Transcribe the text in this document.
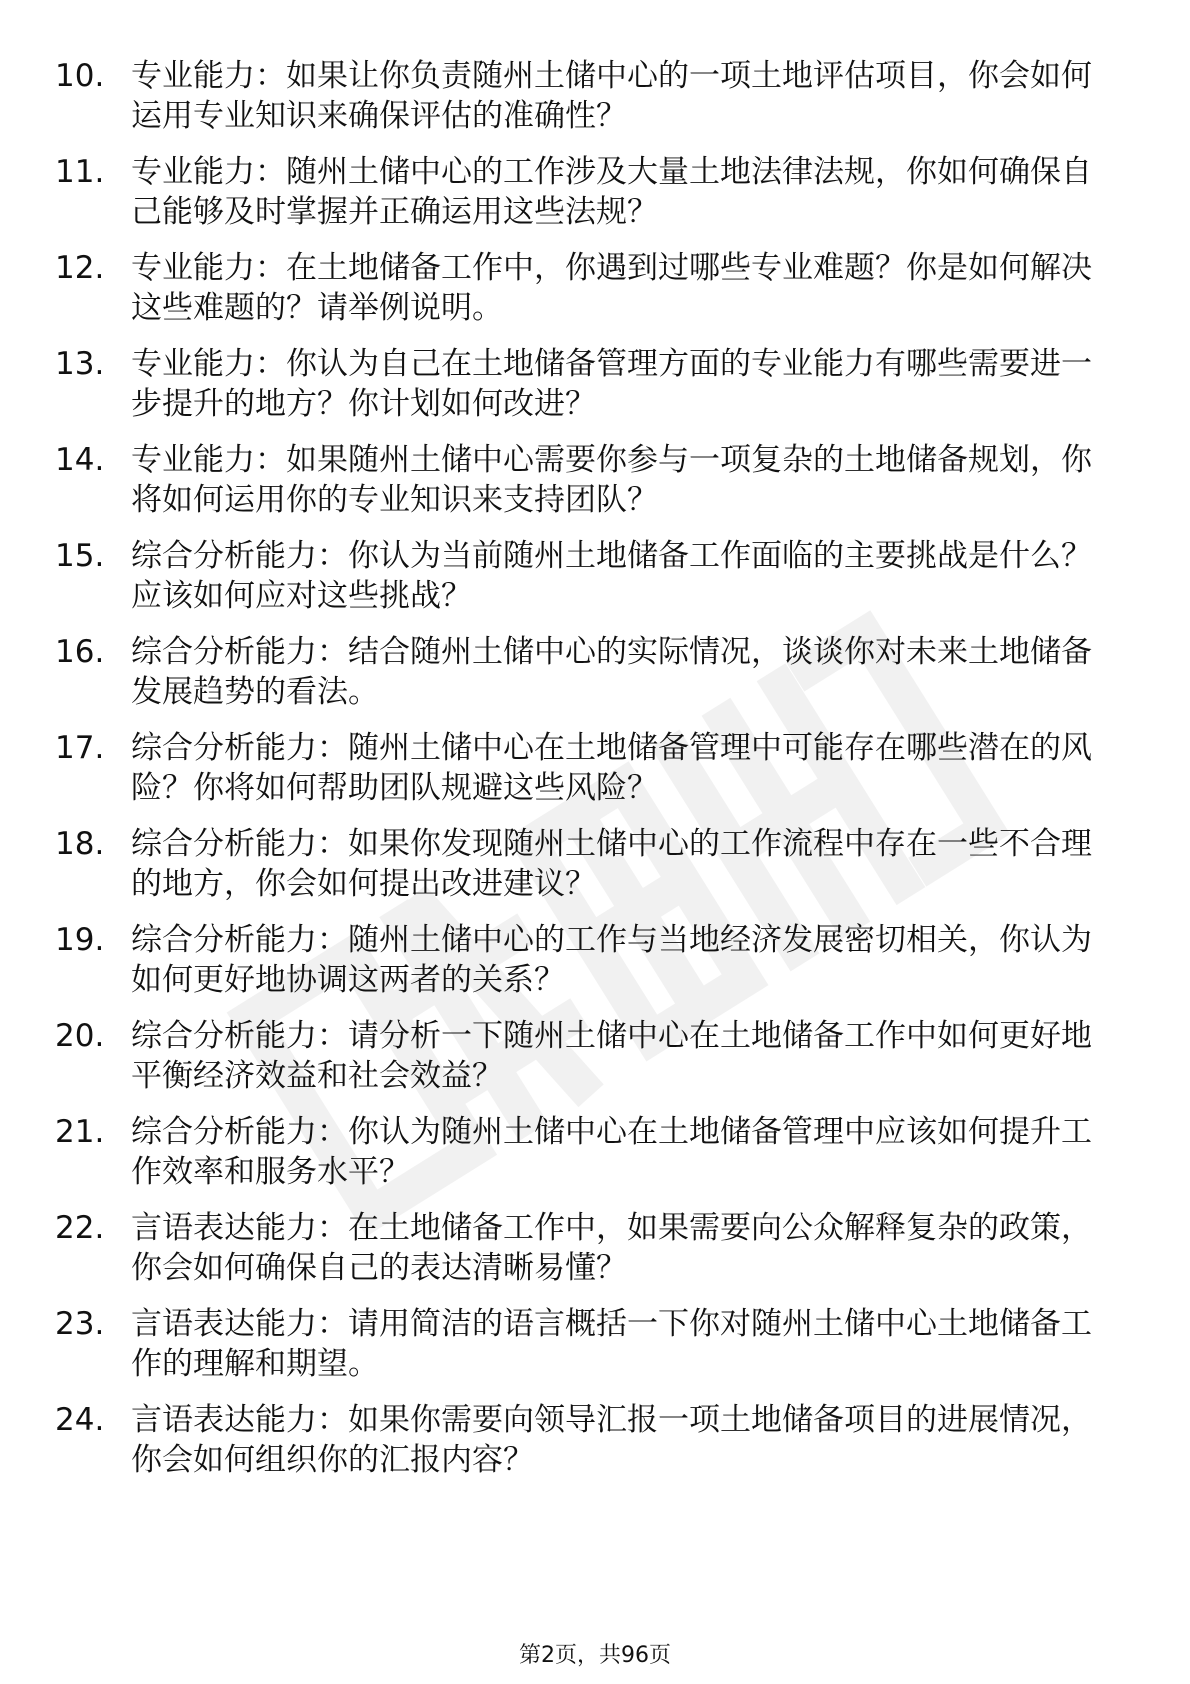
10. 专业能力：如果让你负责随州土储中心的一项土地评估项目，你会如何运用专业知识来确保评估的准确性？
11. 专业能力：随州土储中心的工作涉及大量土地法律法规，你如何确保自己能够及时掌握并正确运用这些法规？
12. 专业能力：在土地储备工作中，你遇到过哪些专业难题？你是如何解决这些难题的？请举例说明。
13. 专业能力：你认为自己在土地储备管理方面的专业能力有哪些需要进一步提升的地方？你计划如何改进？
14. 专业能力：如果随州土储中心需要你参与一项复杂的土地储备规划，你将如何运用你的专业知识来支持团队？
15. 综合分析能力：你认为当前随州土地储备工作面临的主要挑战是什么？应该如何应对这些挑战？
16. 综合分析能力：结合随州土储中心的实际情况，谈谈你对未来土地储备发展趋势的看法。
17. 综合分析能力：随州土储中心在土地储备管理中可能存在哪些潜在的风险？你将如何帮助团队规避这些风险？
18. 综合分析能力：如果你发现随州土储中心的工作流程中存在一些不合理的地方，你会如何提出改进建议？
19. 综合分析能力：随州土储中心的工作与当地经济发展密切相关，你认为如何更好地协调这两者的关系？
20. 综合分析能力：请分析一下随州土储中心在土地储备工作中如何更好地平衡经济效益和社会效益？
21. 综合分析能力：你认为随州土储中心在土地储备管理中应该如何提升工作效率和服务水平？
22. 言语表达能力：在土地储备工作中，如果需要向公众解释复杂的政策，你会如何确保自己的表达清晰易懂？
23. 言语表达能力：请用简洁的语言概括一下你对随州土储中心土地储备工作的理解和期望。
24. 言语表达能力：如果你需要向领导汇报一项土地储备项目的进展情况，你会如何组织你的汇报内容？
第2页，共96页
